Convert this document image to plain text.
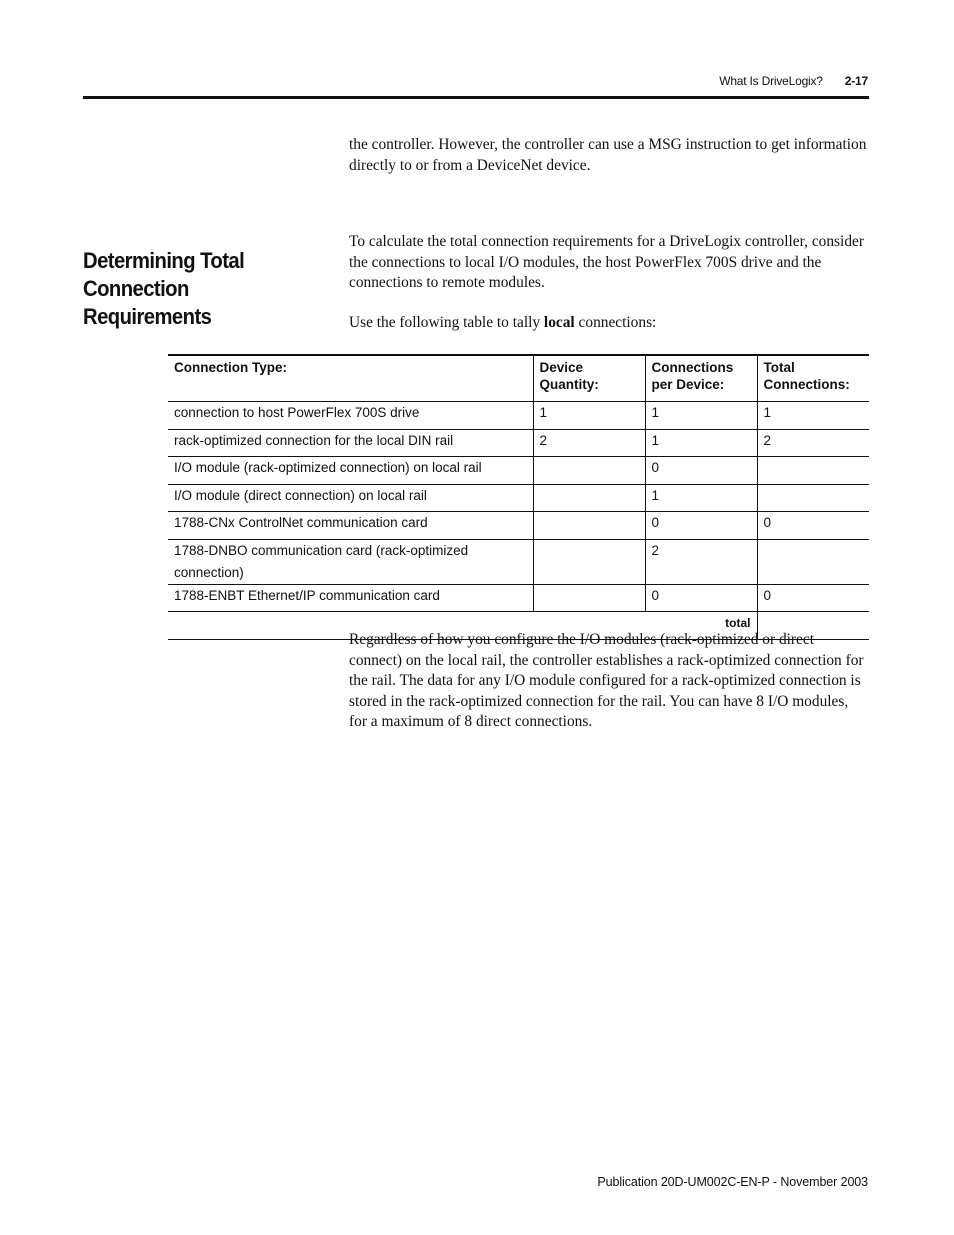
What Is DriveLogix? 2-17

the controller. However, the controller can use a MSG instruction to get information directly to or from a DeviceNet device.

Determining Total Connection Requirements

To calculate the total connection requirements for a DriveLogix controller, consider the connections to local I/O modules, the host PowerFlex 700S drive and the connections to remote modules.

Use the following table to tally local connections:

Connection Type:	Device Quantity:	Connections per Device:	Total Connections:
connection to host PowerFlex 700S drive	1	1	1
rack-optimized connection for the local DIN rail	2	1	2
I/O module (rack-optimized connection) on local rail		0	
I/O module (direct connection) on local rail		1	
1788-CNx ControlNet communication card		0	0
1788-DNBO communication card (rack-optimized connection)		2	
1788-ENBT Ethernet/IP communication card		0	0
total			

Regardless of how you configure the I/O modules (rack-optimized or direct connect) on the local rail, the controller establishes a rack-optimized connection for the rail. The data for any I/O module configured for a rack-optimized connection is stored in the rack-optimized connection for the rail. You can have 8 I/O modules, for a maximum of 8 direct connections.

Publication 20D-UM002C-EN-P - November 2003
